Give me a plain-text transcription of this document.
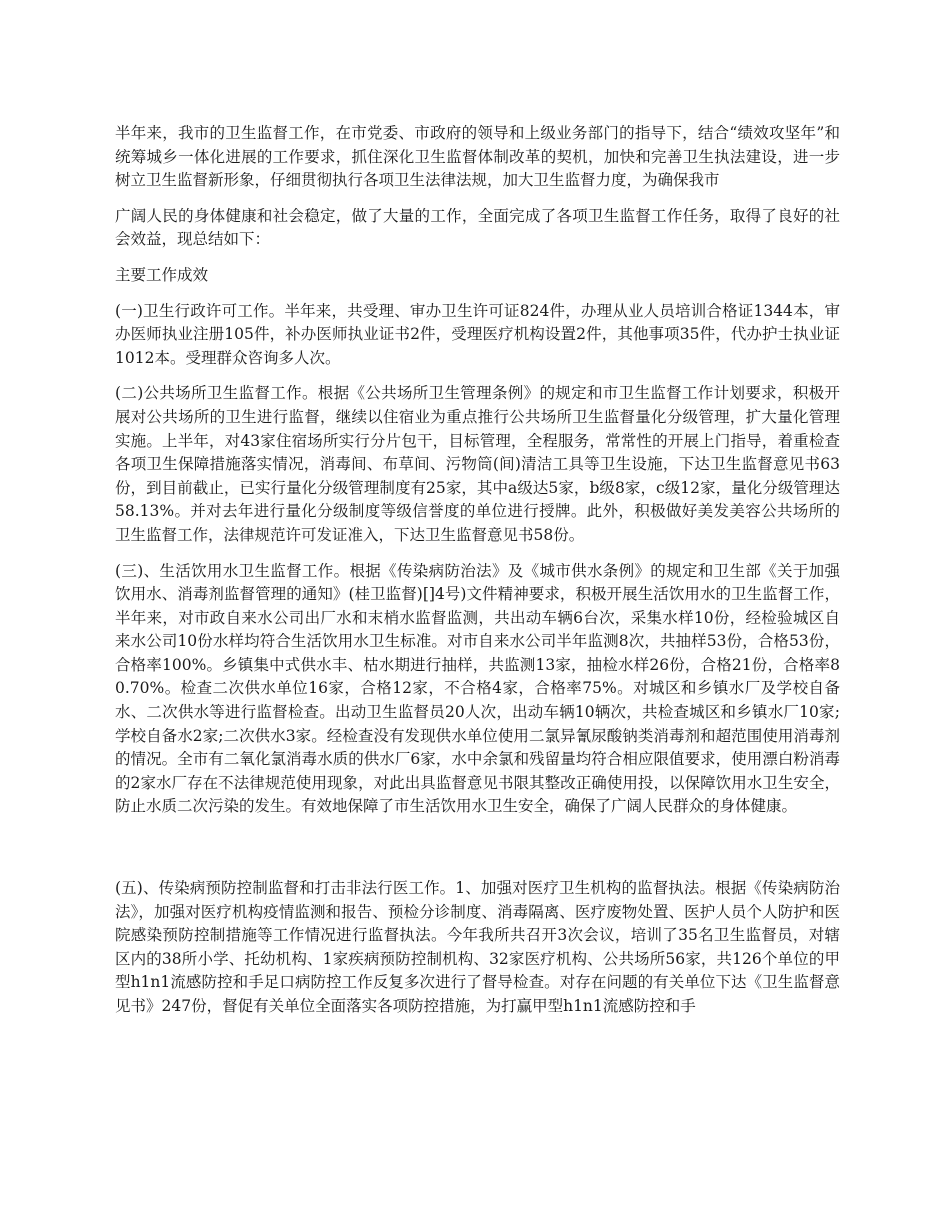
半年来，我市的卫生监督工作，在市党委、市政府的领导和上级业务部门的指导下，结合“绩效攻坚年”和统筹城乡一体化进展的工作要求，抓住深化卫生监督体制改革的契机，加快和完善卫生执法建设，进一步树立卫生监督新形象，仔细贯彻执行各项卫生法律法规，加大卫生监督力度，为确保我市

广阔人民的身体健康和社会稳定，做了大量的工作，全面完成了各项卫生监督工作任务，取得了良好的社会效益，现总结如下：

主要工作成效

(一)卫生行政许可工作。半年来，共受理、审办卫生许可证824件，办理从业人员培训合格证1344本，审办医师执业注册105件，补办医师执业证书2件，受理医疗机构设置2件，其他事项35件，代办护士执业证1012本。受理群众咨询多人次。

(二)公共场所卫生监督工作。根据《公共场所卫生管理条例》的规定和市卫生监督工作计划要求，积极开展对公共场所的卫生进行监督，继续以住宿业为重点推行公共场所卫生监督量化分级管理，扩大量化管理实施。上半年，对43家住宿场所实行分片包干，目标管理，全程服务，常常性的开展上门指导，着重检查各项卫生保障措施落实情况，消毒间、布草间、污物筒(间)清洁工具等卫生设施，下达卫生监督意见书63份，到目前截止，已实行量化分级管理制度有25家，其中a级达5家，b级8家，c级12家，量化分级管理达58.13%。并对去年进行量化分级制度等级信誉度的单位进行授牌。此外，积极做好美发美容公共场所的卫生监督工作，法律规范许可发证准入，下达卫生监督意见书58份。

(三)、生活饮用水卫生监督工作。根据《传染病防治法》及《城市供水条例》的规定和卫生部《关于加强饮用水、消毒剂监督管理的通知》(桂卫监督)[]4号)文件精神要求，积极开展生活饮用水的卫生监督工作， 半年来，对市政自来水公司出厂水和末梢水监督监测，共出动车辆6台次，采集水样10份，经检验城区自来水公司10份水样均符合生活饮用水卫生标准。对市自来水公司半年监测8次，共抽样53份，合格53份，合格率100%。乡镇集中式供水丰、枯水期进行抽样，共监测13家，抽检水样26份，合格21份，合格率80.70%。检查二次供水单位16家，合格12家，不合格4家，合格率75%。对城区和乡镇水厂及学校自备水、二次供水等进行监督检查。出动卫生监督员20人次，出动车辆10辆次，共检查城区和乡镇水厂10家;学校自备水2家;二次供水3家。经检查没有发现供水单位使用二氯异氰尿酸钠类消毒剂和超范围使用消毒剂的情况。全市有二氧化氯消毒水质的供水厂6家，水中余氯和残留量均符合相应限值要求，使用漂白粉消毒的2家水厂存在不法律规范使用现象，对此出具监督意见书限其整改正确使用投，以保障饮用水卫生安全，防止水质二次污染的发生。有效地保障了市生活饮用水卫生安全，确保了广阔人民群众的身体健康。

(五)、传染病预防控制监督和打击非法行医工作。1、加强对医疗卫生机构的监督执法。根据《传染病防治法》，加强对医疗机构疫情监测和报告、预检分诊制度、消毒隔离、医疗废物处置、医护人员个人防护和医院感染预防控制措施等工作情况进行监督执法。今年我所共召开3次会议，培训了35名卫生监督员，对辖区内的38所小学、托幼机构、1家疾病预防控制机构、32家医疗机构、公共场所56家，共126个单位的甲型h1n1流感防控和手足口病防控工作反复多次进行了督导检查。对存在问题的有关单位下达《卫生监督意见书》247份，督促有关单位全面落实各项防控措施，为打赢甲型h1n1流感防控和手
